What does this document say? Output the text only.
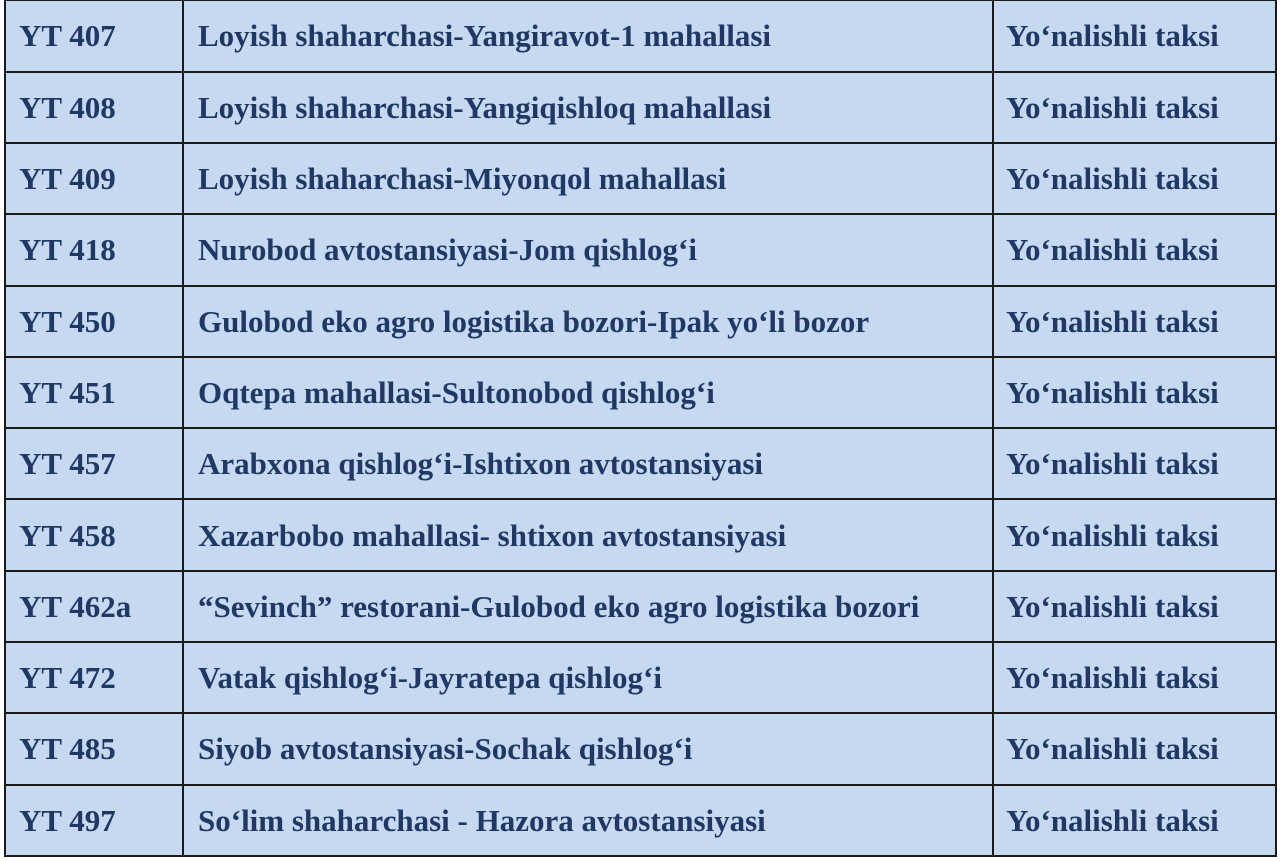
YT 407	Loyish shaharchasi-Yangiravot-1 mahallasi	Yo‘nalishli taksi
YT 408	Loyish shaharchasi-Yangiqishloq mahallasi	Yo‘nalishli taksi
YT 409	Loyish shaharchasi-Miyonqol mahallasi	Yo‘nalishli taksi
YT 418	Nurobod avtostansiyasi-Jom qishlog‘i	Yo‘nalishli taksi
YT 450	Gulobod eko agro logistika bozori-Ipak yo‘li bozor	Yo‘nalishli taksi
YT 451	Oqtepa mahallasi-Sultonobod qishlog‘i	Yo‘nalishli taksi
YT 457	Arabxona qishlog‘i-Ishtixon avtostansiyasi	Yo‘nalishli taksi
YT 458	Xazarbobo mahallasi- shtixon avtostansiyasi	Yo‘nalishli taksi
YT 462a	“Sevinch” restorani-Gulobod eko agro logistika bozori	Yo‘nalishli taksi
YT 472	Vatak qishlog‘i-Jayratepa qishlog‘i	Yo‘nalishli taksi
YT 485	Siyob avtostansiyasi-Sochak qishlog‘i	Yo‘nalishli taksi
YT 497	So‘lim shaharchasi - Hazora avtostansiyasi	Yo‘nalishli taksi
